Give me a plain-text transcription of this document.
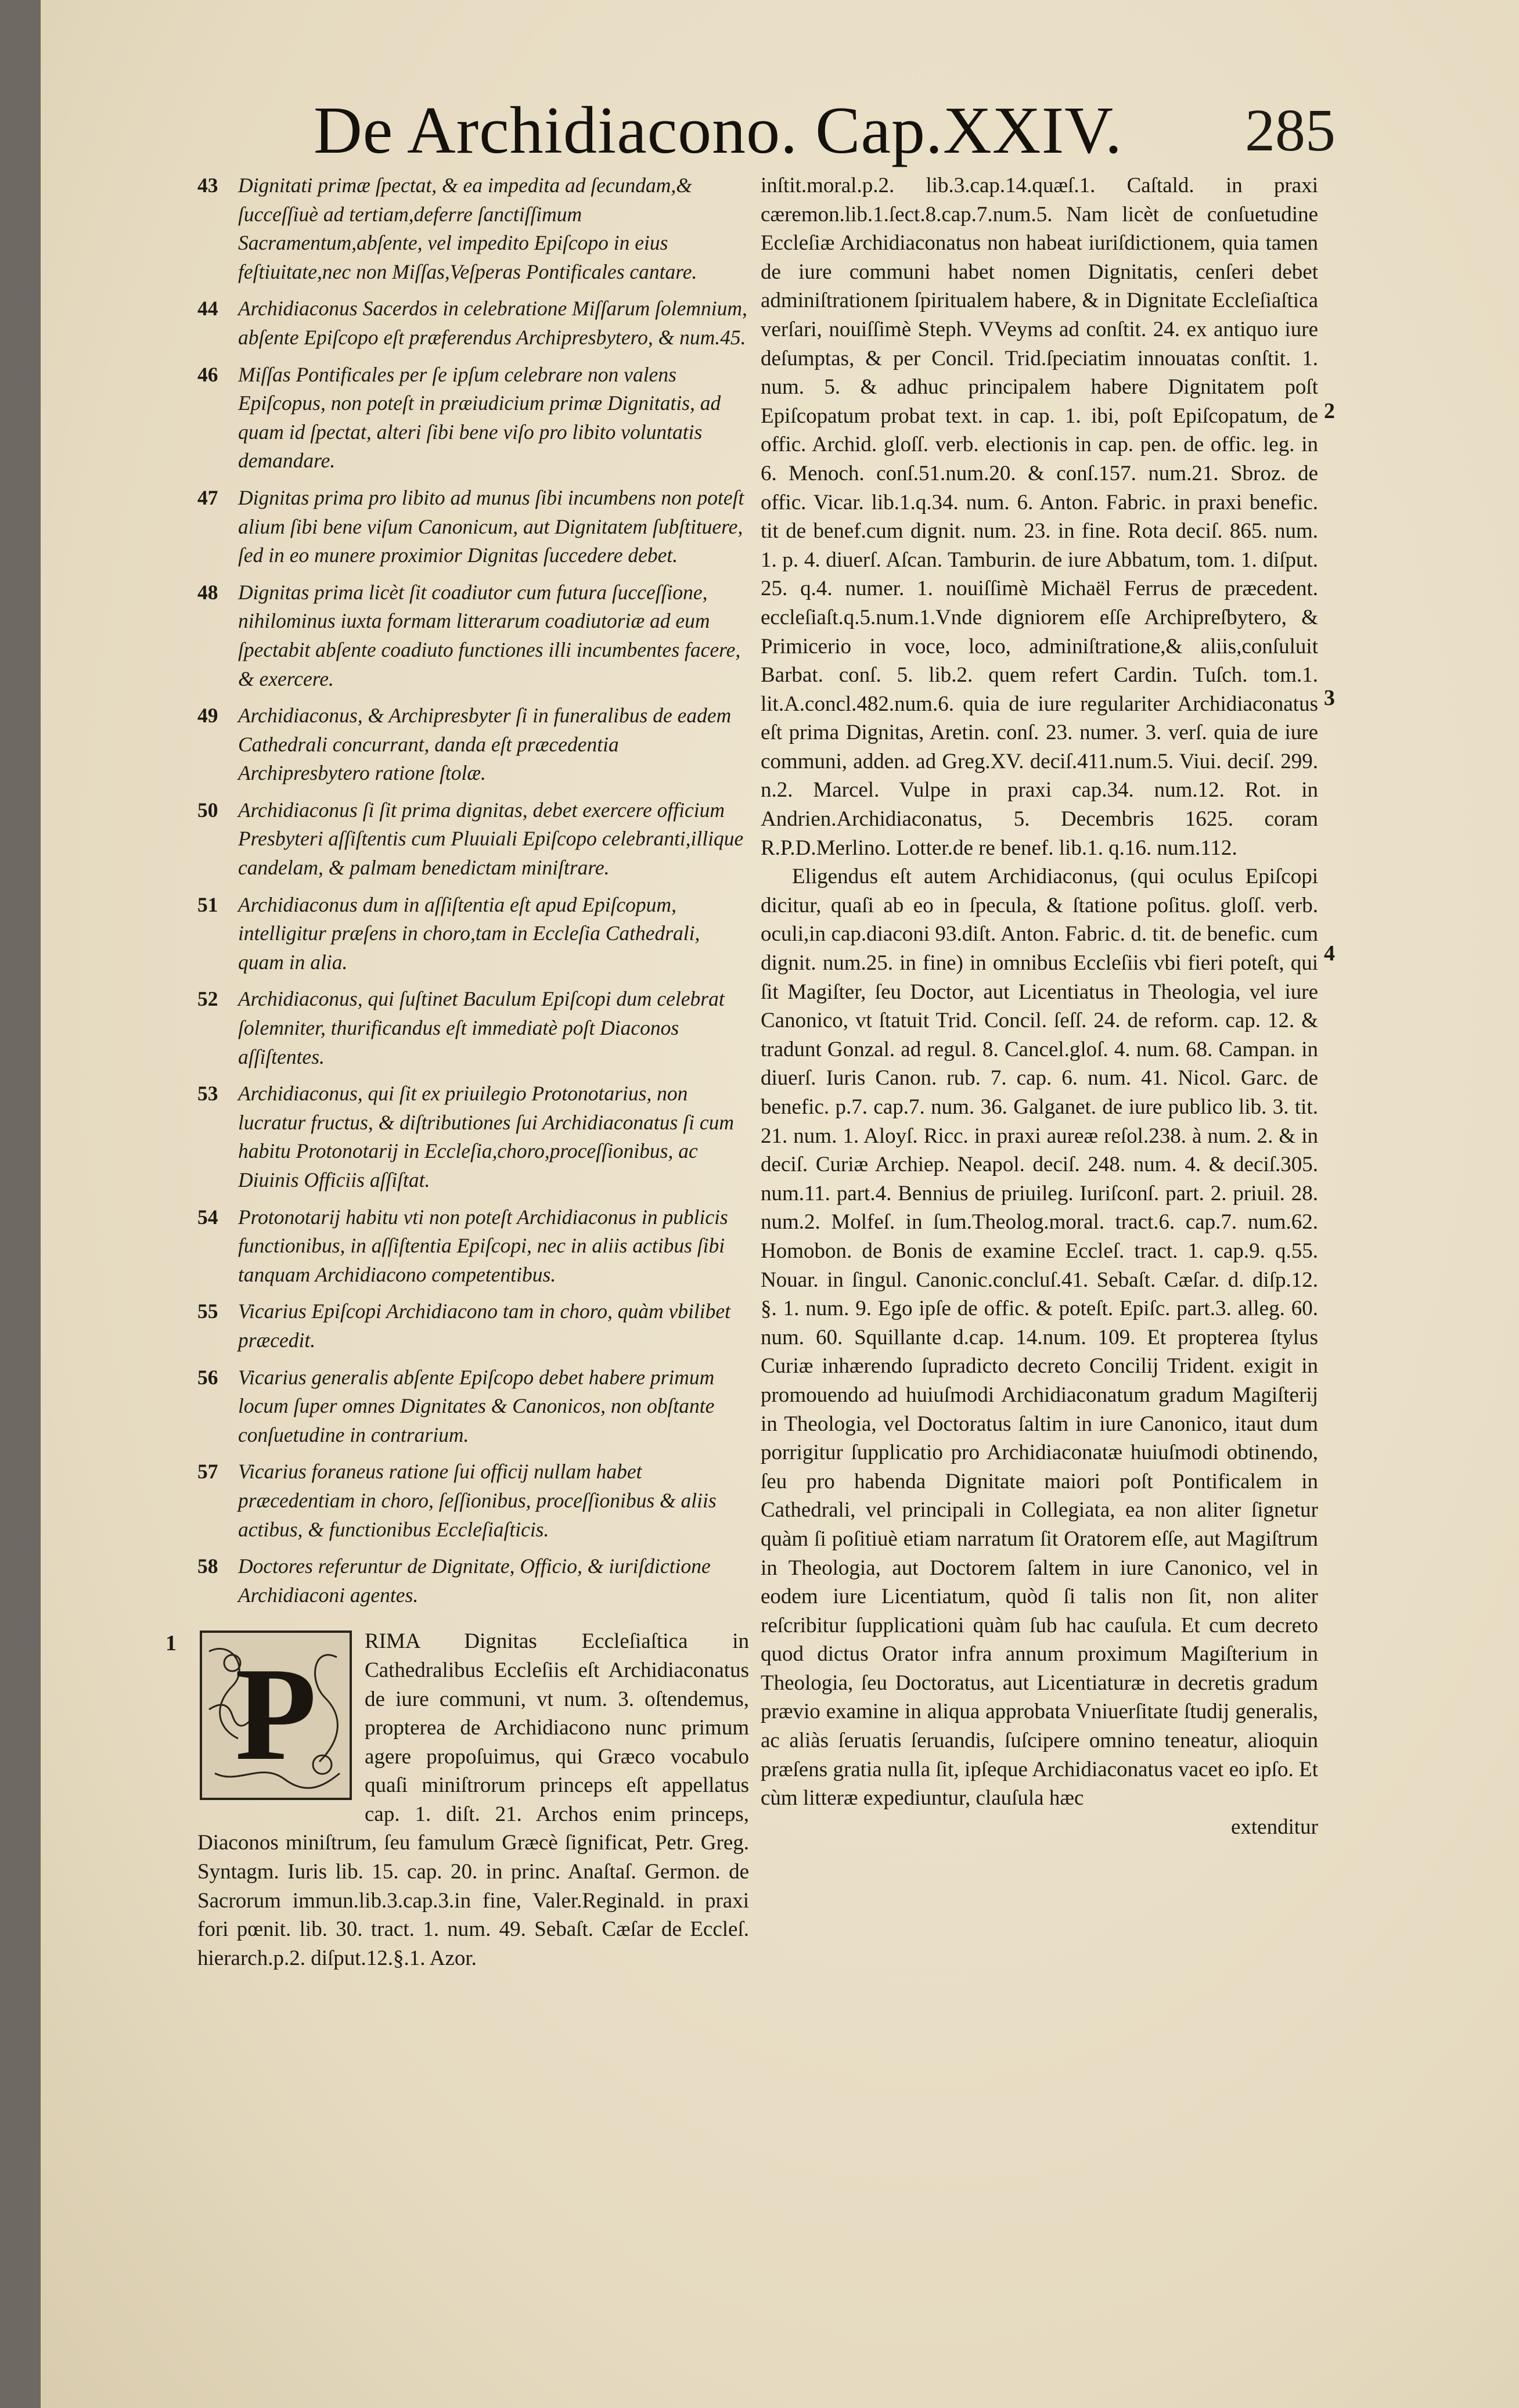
De Archidiacono. Cap.XXIV. 285

43 Dignitati primæ ſpectat, & ea impedita ad ſecundam,& ſucceſſiuè ad tertiam,deferre ſanctiſſimum Sacramentum,abſente, vel impedito Epiſcopo in eius feſtiuitate,nec non Miſſas,Veſperas Pontificales cantare.

44 Archidiaconus Sacerdos in celebratione Miſſarum ſolemnium, abſente Epiſcopo eſt præferendus Archipresbytero, & num.45.

46 Miſſas Pontificales per ſe ipſum celebrare non valens Epiſcopus, non poteſt in præiudicium primæ Dignitatis, ad quam id ſpectat, alteri ſibi bene viſo pro libito voluntatis demandare.

47 Dignitas prima pro libito ad munus ſibi incumbens non poteſt alium ſibi bene viſum Canonicum, aut Dignitatem ſubſtituere, ſed in eo munere proximior Dignitas ſuccedere debet.

48 Dignitas prima licèt ſit coadiutor cum futura ſucceſſione, nihilominus iuxta formam litterarum coadiutoriæ ad eum ſpectabit abſente coadiuto functiones illi incumbentes facere, & exercere.

49 Archidiaconus, & Archipresbyter ſi in funeralibus de eadem Cathedrali concurrant, danda eſt præcedentia Archipresbytero ratione ſtolæ.

50 Archidiaconus ſi ſit prima dignitas, debet exercere officium Presbyteri aſſiſtentis cum Pluuiali Epiſcopo celebranti,illique candelam, & palmam benedictam miniſtrare.

51 Archidiaconus dum in aſſiſtentia eſt apud Epiſcopum, intelligitur præſens in choro,tam in Eccleſia Cathedrali, quam in alia.

52 Archidiaconus, qui ſuſtinet Baculum Epiſcopi dum celebrat ſolemniter, thurificandus eſt immediatè poſt Diaconos aſſiſtentes.

53 Archidiaconus, qui ſit ex priuilegio Protonotarius, non lucratur fructus, & diſtributiones ſui Archidiaconatus ſi cum habitu Protonotarij in Eccleſia,choro,proceſſionibus, ac Diuinis Officiis aſſiſtat.

54 Protonotarij habitu vti non poteſt Archidiaconus in publicis functionibus, in aſſiſtentia Epiſcopi, nec in aliis actibus ſibi tanquam Archidiacono competentibus.

55 Vicarius Epiſcopi Archidiacono tam in choro, quàm vbilibet præcedit.

56 Vicarius generalis abſente Epiſcopo debet habere primum locum ſuper omnes Dignitates & Canonicos, non obſtante conſuetudine in contrarium.

57 Vicarius foraneus ratione ſui officij nullam habet præcedentiam in choro, ſeſſionibus, proceſſionibus & aliis actibus, & functionibus Eccleſiaſticis.

58 Doctores referuntur de Dignitate, Officio, & iuriſdictione Archidiaconi agentes.

1 P	RIMA Dignitas Eccleſiaſtica in Cathedralibus Eccleſiis eſt Archidiaconatus de iure communi, vt num. 3. oſtendemus, propterea de Archidiacono nunc primum agere propoſuimus, qui Græco vocabulo quaſi miniſtrorum princeps eſt appellatus cap. 1. diſt. 21. Archos enim princeps, Diaconos miniſtrum, ſeu famulum Græcè ſignificat, Petr. Greg. Syntagm. Iuris lib. 15. cap. 20. in princ. Anaſtaſ. Germon. de Sacrorum immun.lib.3.cap.3.in fine, Valer.Reginald. in praxi fori pœnit. lib. 30. tract. 1. num. 49. Sebaſt. Cæſar de Eccleſ. hierarch.p.2. diſput.12.§.1. Azor.

inſtit.moral.p.2. lib.3.cap.14.quæſ.1. Caſtald. in praxi cæremon.lib.1.ſect.8.cap.7.num.5. Nam licèt de conſuetudine Eccleſiæ Archidiaconatus non habeat iuriſdictionem, quia tamen de iure communi habet nomen Dignitatis, cenſeri debet adminiſtrationem ſpiritualem habere, & in Dignitate Eccleſiaſtica verſari, nouiſſimè Steph. VVeyms ad conſtit. 24. ex antiquo iure deſumptas, & per Concil. Trid.ſpeciatim innouatas conſtit. 1. num. 5. & adhuc principalem habere Dignitatem poſt Epiſcopatum probat text. in cap. 1. ibi, poſt Epiſcopatum, de offic. Archid. gloſſ. verb. electionis in cap. pen. de offic. leg. in 6. Menoch. conſ.51.num.20. & conſ.157. num.21. Sbroz. de offic. Vicar. lib.1.q.34. num. 6. Anton. Fabric. in praxi benefic. tit de benef.cum dignit. num. 23. in fine. Rota deciſ. 865. num. 1. p. 4. diuerſ. Aſcan. Tamburin. de iure Abbatum, tom. 1. diſput. 25. q.4. numer. 1. nouiſſimè Michaël Ferrus de præcedent. eccleſiaſt.q.5.num.1.Vnde digniorem eſſe Archipreſbytero, & Primicerio in voce, loco, adminiſtratione,& aliis,conſuluit Barbat. conſ. 5. lib.2. quem refert Cardin. Tuſch. tom.1. lit.A.concl.482.num.6. quia de iure regulariter Archidiaconatus eſt prima Dignitas, Aretin. conſ. 23. numer. 3. verſ. quia de iure communi, adden. ad Greg.XV. deciſ.411.num.5. Viui. deciſ. 299. n.2. Marcel. Vulpe in praxi cap.34. num.12. Rot. in Andrien.Archidiaconatus, 5. Decembris 1625. coram R.P.D.Merlino. Lotter.de re benef. lib.1. q.16. num.112.

Eligendus eſt autem Archidiaconus, (qui oculus Epiſcopi dicitur, quaſi ab eo in ſpecula, & ſtatione poſitus. gloſſ. verb. oculi,in cap.diaconi 93.diſt. Anton. Fabric. d. tit. de benefic. cum dignit. num.25. in fine) in omnibus Eccleſiis vbi fieri poteſt, qui ſit Magiſter, ſeu Doctor, aut Licentiatus in Theologia, vel iure Canonico, vt ſtatuit Trid. Concil. ſeſſ. 24. de reform. cap. 12. & tradunt Gonzal. ad regul. 8. Cancel.gloſ. 4. num. 68. Campan. in diuerſ. Iuris Canon. rub. 7. cap. 6. num. 41. Nicol. Garc. de benefic. p.7. cap.7. num. 36. Galganet. de iure publico lib. 3. tit. 21. num. 1. Aloyſ. Ricc. in praxi aureæ reſol.238. à num. 2. & in deciſ. Curiæ Archiep. Neapol. deciſ. 248. num. 4. & deciſ.305. num.11. part.4. Bennius de priuileg. Iuriſconſ. part. 2. priuil. 28. num.2. Molfeſ. in ſum.Theolog.moral. tract.6. cap.7. num.62. Homobon. de Bonis de examine Eccleſ. tract. 1. cap.9. q.55. Nouar. in ſingul. Canonic.concluſ.41. Sebaſt. Cæſar. d. diſp.12. §. 1. num. 9. Ego ipſe de offic. & poteſt. Epiſc. part.3. alleg. 60. num. 60. Squillante d.cap. 14.num. 109. Et propterea ſtylus Curiæ inhærendo ſupradicto decreto Concilij Trident. exigit in promouendo ad huiuſmodi Archidiaconatum gradum Magiſterij in Theologia, vel Doctoratus ſaltim in iure Canonico, itaut dum porrigitur ſupplicatio pro Archidiaconatæ huiuſmodi obtinendo, ſeu pro habenda Dignitate maiori poſt Pontificalem in Cathedrali, vel principali in Collegiata, ea non aliter ſignetur quàm ſi poſitiuè etiam narratum ſit Oratorem eſſe, aut Magiſtrum in Theologia, aut Doctorem ſaltem in iure Canonico, vel in eodem iure Licentiatum, quòd ſi talis non ſit, non aliter reſcribitur ſupplicationi quàm ſub hac cauſula. Et cum decreto quod dictus Orator infra annum proximum Magiſterium in Theologia, ſeu Doctoratus, aut Licentiaturæ in decretis gradum prævio examine in aliqua approbata Vniuerſitate ſtudij generalis, ac aliàs ſeruatis ſeruandis, ſuſcipere omnino teneatur, alioquin præſens gratia nulla ſit, ipſeque Archidiaconatus vacet eo ipſo. Et cùm litteræ expediuntur, clauſula hæc

extenditur
2
3
4
